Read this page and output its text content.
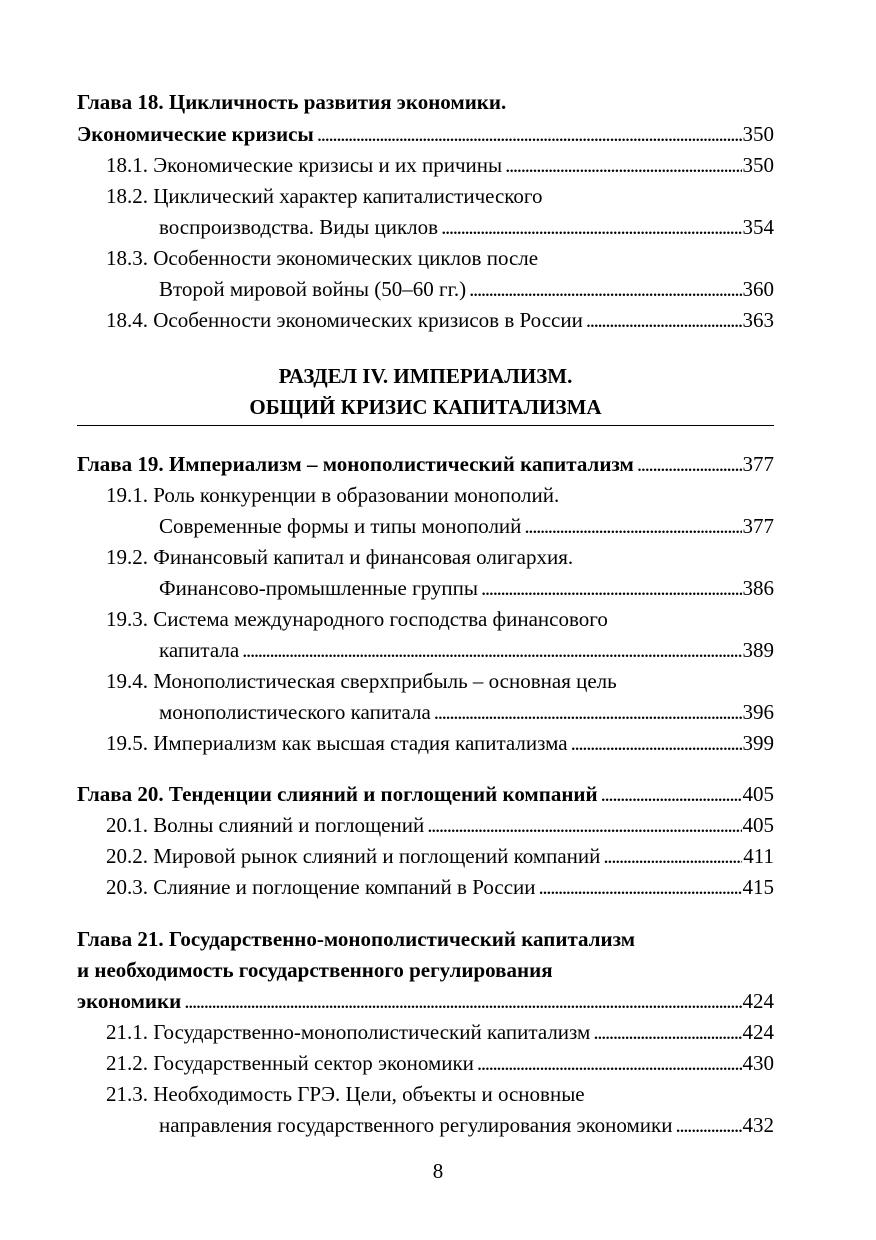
Глава 18. Цикличность развития экономики.
Экономические кризисы . . .	350
18.1. Экономические кризисы и их причины . . .	350
18.2. Циклический характер капиталистического
воспроизводства. Виды циклов . . .	354
18.3. Особенности экономических циклов после
Второй мировой войны (50–60 гг.) . . .	360
18.4. Особенности экономических кризисов в России . . .	363
РАЗДЕЛ IV. ИМПЕРИАЛИЗМ.
ОБЩИЙ КРИЗИС КАПИТАЛИЗМА
Глава 19. Империализм – монополистический капитализм . . .	377
19.1. Роль конкуренции в образовании монополий.
Современные формы и типы монополий . . .	377
19.2. Финансовый капитал и финансовая олигархия.
Финансово-промышленные группы . . .	386
19.3. Система международного господства финансового
капитала . . .	389
19.4. Монополистическая сверхприбыль – основная цель
монополистического капитала . . .	396
19.5. Империализм как высшая стадия капитализма . . .	399
Глава 20. Тенденции слияний и поглощений компаний . . .	405
20.1. Волны слияний и поглощений . . .	405
20.2. Мировой рынок слияний и поглощений компаний . . .	411
20.3. Слияние и поглощение компаний в России . . .	415
Глава 21. Государственно-монополистический капитализм
и необходимость государственного регулирования
экономики . . .	424
21.1. Государственно-монополистический капитализм . . .	424
21.2. Государственный сектор экономики . . .	430
21.3. Необходимость ГРЭ. Цели, объекты и основные
направления государственного регулирования экономики . . .	432
8
